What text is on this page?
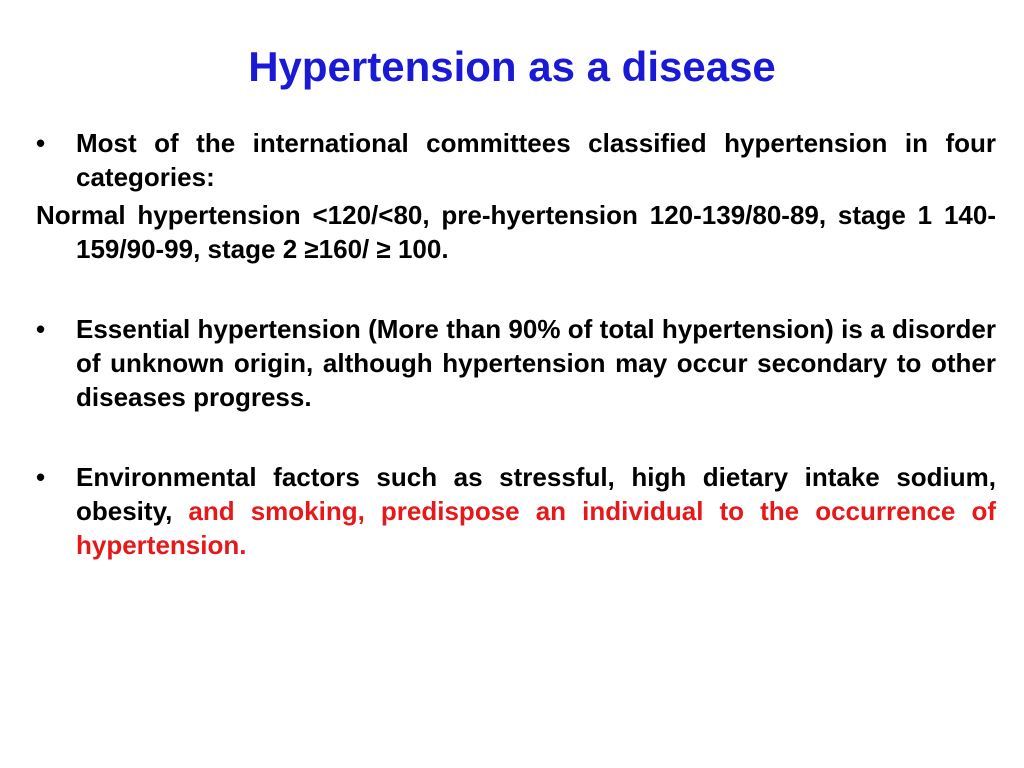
Hypertension as a disease
•	Most of the international committees classified hypertension in four categories:
Normal hypertension <120/<80, pre-hyertension 120-139/80-89, stage 1 140-159/90-99, stage 2 ≥160/ ≥ 100.
•	Essential hypertension (More than 90% of total hypertension) is a disorder of unknown origin, although hypertension may occur secondary to other diseases progress.
•	Environmental factors such as stressful, high dietary intake sodium, obesity, and smoking, predispose an individual to the occurrence of hypertension.
